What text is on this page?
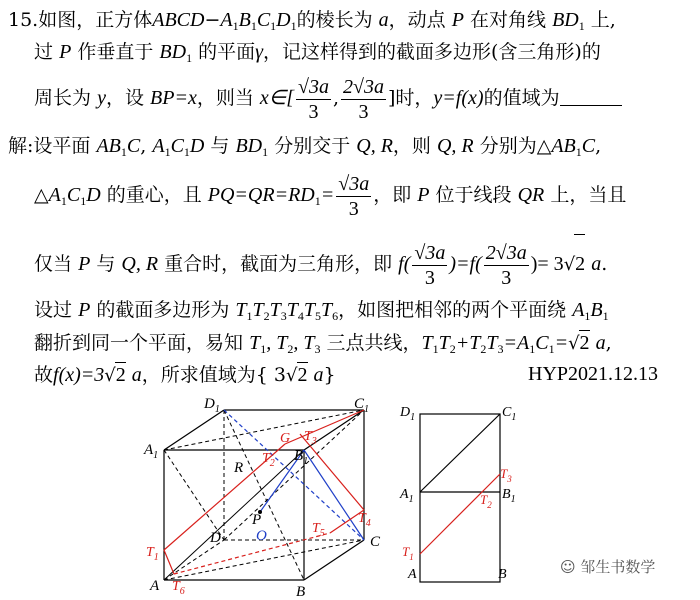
15.如图，正方体$ABCD-A_1B_1C_1D_1$的棱长为 a，动点 P 在对角线 $BD_1$ 上,
过 P 作垂直于 $BD_1$ 的平面γ，记这样得到的截面多边形(含三角形)的
周长为 y，设 BP=x，则当 x∈[ $\frac{√3a}{3}$ , $\frac{2√3a}{3}$ ]时，y=f(x)的值域为
解:设平面 $AB_1C$, $A_1C_1D$ 与 $BD_1$ 分别交于 Q, R，则 Q, R 分别为$\triangle AB_1C$,
$\triangle A_1C_1D$ 的重心，且 $PQ=QR=RD_1= \frac{√3a}{3}$ ，即 P 位于线段 QR 上，当且
仅当 P 与 Q, R 重合时，截面为三角形，即 $f( \frac{√3a}{3} )=f( \frac{2√3a}{3}$ )= 3√2 a.
设过 P 的截面多边形为 $T_1T_2T_3T_4T_5T_6$，如图把相邻的两个平面绕 $A_1B_1$
翻折到同一个平面，易知 $T_1$, $T_2$, $T_3$ 三点共线，$T_1T_2+T_2T_3=A_1C_1=√2$ a,
故f(x)=3√2 a，所求值域为{ 3√2 a}	HYP2021.12.13
$D_1$	$C_1$
$A_1$	$B_1$
A	B
C
D
R
P
O
G $T_3$
$T_2$
$T_4$
$T_5$
$T_1$
$T_6$
$D_1$	$C_1$
$A_1$	$B_1$
A	B
$T_3$
$T_2$
$T_1$
☺ 邹生书数学
